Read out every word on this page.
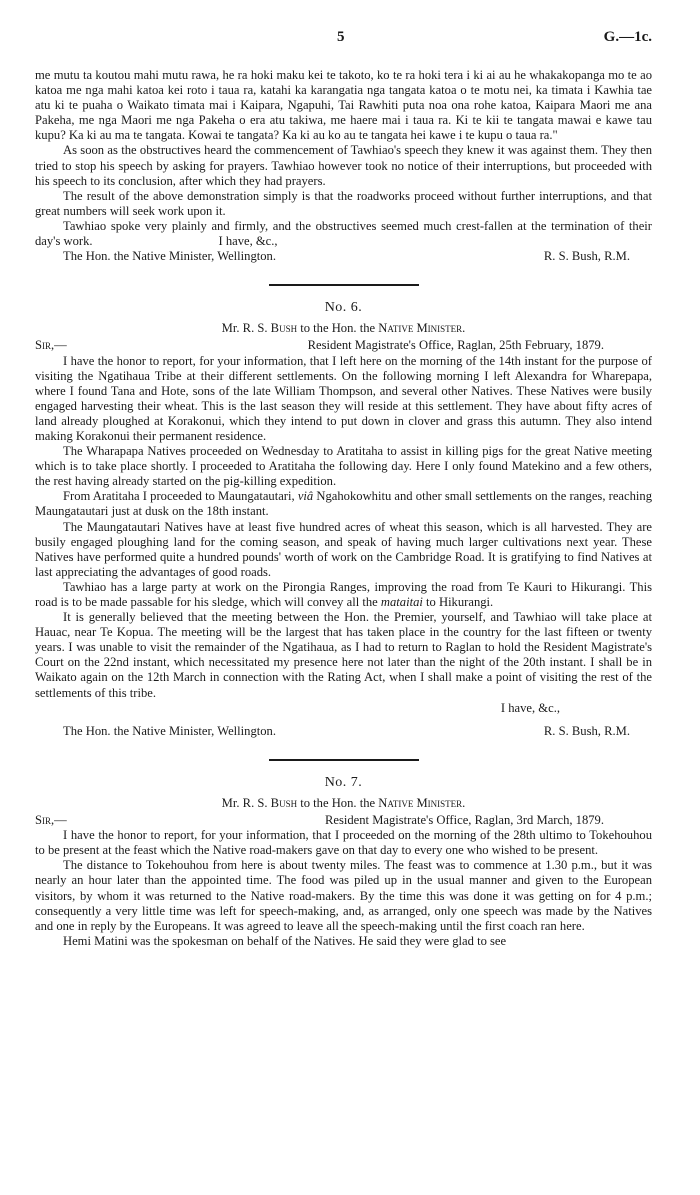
5	G.—1c.

me mutu ta koutou mahi mutu rawa, he ra hoki maku kei te takoto, ko te ra hoki tera i ki ai au he whakakopanga mo te ao katoa me nga mahi katoa kei roto i taua ra, katahi ka karangatia nga tangata katoa o te motu nei, ka timata i Kawhia tae atu ki te puaha o Waikato timata mai i Kaipara, Ngapuhi, Tai Rawhiti puta noa ona rohe katoa, Kaipara Maori me ana Pakeha, me nga Maori me nga Pakeha o era atu takiwa, me haere mai i taua ra. Ki te kii te tangata mawai e kawe tau kupu? Ka ki au ma te tangata. Kowai te tangata? Ka ki au ko au te tangata hei kawe i te kupu o taua ra."

As soon as the obstructives heard the commencement of Tawhiao's speech they knew it was against them. They then tried to stop his speech by asking for prayers. Tawhiao however took no notice of their interruptions, but proceeded with his speech to its conclusion, after which they had prayers.

The result of the above demonstration simply is that the roadworks proceed without further interruptions, and that great numbers will seek work upon it.

Tawhiao spoke very plainly and firmly, and the obstructives seemed much crest-fallen at the termination of their day's work.                                        I have, &c.,

The Hon. the Native Minister, Wellington.	R. S. Bush, R.M.
No. 6.
Mr. R. S. Bush to the Hon. the Native Minister.
Sir,—	Resident Magistrate's Office, Raglan, 25th February, 1879.

I have the honor to report, for your information, that I left here on the morning of the 14th instant for the purpose of visiting the Ngatihaua Tribe at their different settlements. On the following morning I left Alexandra for Wharepapa, where I found Tana and Hote, sons of the late William Thompson, and several other Natives. These Natives were busily engaged harvesting their wheat. This is the last season they will reside at this settlement. They have about fifty acres of land already ploughed at Korakonui, which they intend to put down in clover and grass this autumn. They also intend making Korakonui their permanent residence.

The Wharapapa Natives proceeded on Wednesday to Aratitaha to assist in killing pigs for the great Native meeting which is to take place shortly. I proceeded to Aratitaha the following day. Here I only found Matekino and a few others, the rest having already started on the pig-killing expedition.

From Aratitaha I proceeded to Maungatautari, viâ Ngahokowhitu and other small settlements on the ranges, reaching Maungatautari just at dusk on the 18th instant.

The Maungatautari Natives have at least five hundred acres of wheat this season, which is all harvested. They are busily engaged ploughing land for the coming season, and speak of having much larger cultivations next year. These Natives have performed quite a hundred pounds' worth of work on the Cambridge Road. It is gratifying to find Natives at last appreciating the advantages of good roads.

Tawhiao has a large party at work on the Pirongia Ranges, improving the road from Te Kauri to Hikurangi. This road is to be made passable for his sledge, which will convey all the mataitai to Hikurangi.

It is generally believed that the meeting between the Hon. the Premier, yourself, and Tawhiao will take place at Hauac, near Te Kopua. The meeting will be the largest that has taken place in the country for the last fifteen or twenty years. I was unable to visit the remainder of the Ngatihaua, as I had to return to Raglan to hold the Resident Magistrate's Court on the 22nd instant, which necessitated my presence here not later than the night of the 20th instant. I shall be in Waikato again on the 12th March in connection with the Rating Act, when I shall make a point of visiting the rest of the settlements of this tribe.

I have, &c.,
The Hon. the Native Minister, Wellington.	R. S. Bush, R.M.
No. 7.
Mr. R. S. Bush to the Hon. the Native Minister.
Sir,—	Resident Magistrate's Office, Raglan, 3rd March, 1879.

I have the honor to report, for your information, that I proceeded on the morning of the 28th ultimo to Tokehouhou to be present at the feast which the Native road-makers gave on that day to every one who wished to be present.

The distance to Tokehouhou from here is about twenty miles. The feast was to commence at 1.30 p.m., but it was nearly an hour later than the appointed time. The food was piled up in the usual manner and given to the European visitors, by whom it was returned to the Native road-makers. By the time this was done it was getting on for 4 p.m.; consequently a very little time was left for speech-making, and, as arranged, only one speech was made by the Natives and one in reply by the Europeans. It was agreed to leave all the speech-making until the first coach ran here.

Hemi Matini was the spokesman on behalf of the Natives. He said they were glad to see
